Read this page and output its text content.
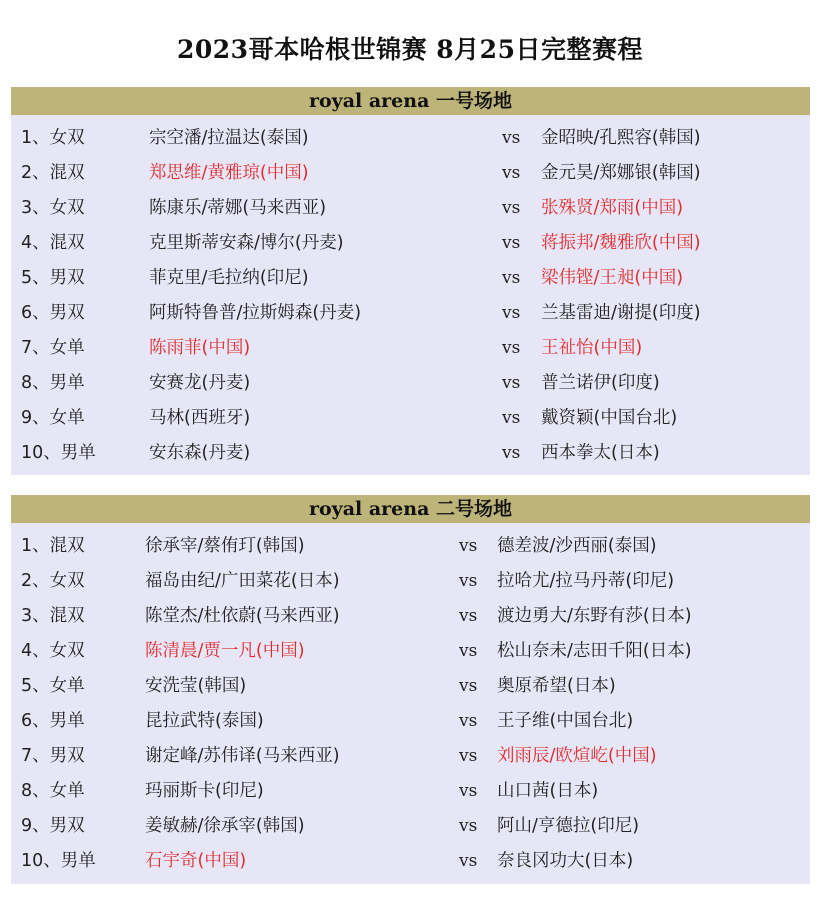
2023哥本哈根世锦赛 8月25日完整赛程
royal arena 一号场地
1、女双	宗空潘/拉温达(泰国)	vs 金昭映/孔熙容(韩国)
2、混双	郑思维/黄雅琼(中国)	vs 金元昊/郑娜银(韩国)
3、女双	陈康乐/蒂娜(马来西亚)	vs 张殊贤/郑雨(中国)
4、混双	克里斯蒂安森/博尔(丹麦)	vs 蒋振邦/魏雅欣(中国)
5、男双	菲克里/毛拉纳(印尼)	vs 梁伟铿/王昶(中国)
6、男双	阿斯特鲁普/拉斯姆森(丹麦)	vs 兰基雷迪/谢提(印度)
7、女单	陈雨菲(中国)	vs 王祉怡(中国)
8、男单	安赛龙(丹麦)	vs 普兰诺伊(印度)
9、女单	马林(西班牙)	vs 戴资颖(中国台北)
10、男单	安东森(丹麦)	vs 西本拳太(日本)
royal arena 二号场地
1、混双	徐承宰/蔡侑玎(韩国)	vs 德差波/沙西丽(泰国)
2、女双	福岛由纪/广田菜花(日本)	vs 拉哈尤/拉马丹蒂(印尼)
3、混双	陈堂杰/杜依蔚(马来西亚)	vs 渡边勇大/东野有莎(日本)
4、女双	陈清晨/贾一凡(中国)	vs 松山奈未/志田千阳(日本)
5、女单	安洗莹(韩国)	vs 奥原希望(日本)
6、男单	昆拉武特(泰国)	vs 王子维(中国台北)
7、男双	谢定峰/苏伟译(马来西亚)	vs 刘雨辰/欧煊屹(中国)
8、女单	玛丽斯卡(印尼)	vs 山口茜(日本)
9、男双	姜敏赫/徐承宰(韩国)	vs 阿山/亨德拉(印尼)
10、男单	石宇奇(中国)	vs 奈良冈功大(日本)
